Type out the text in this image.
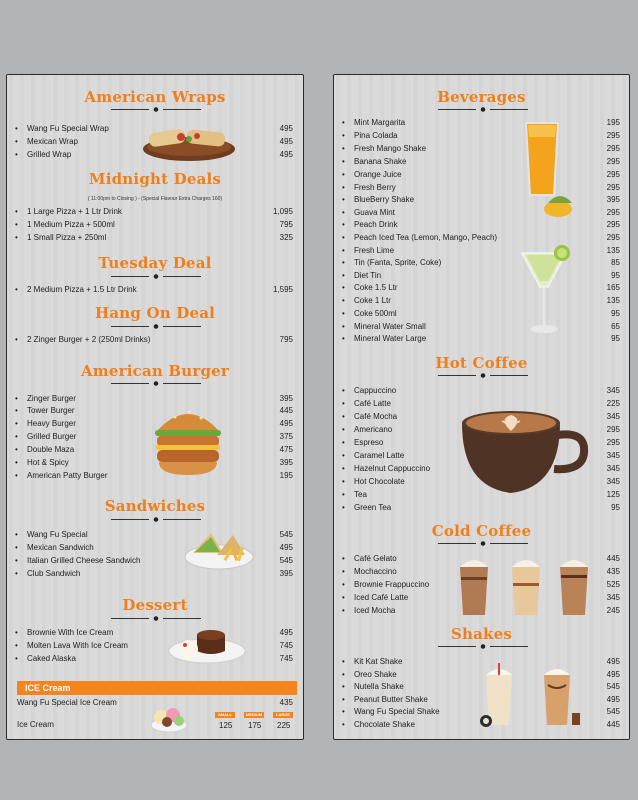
American Wraps
• Wang Fu Special Wrap	495
• Mexican Wrap	495
• Grilled Wrap	495
Midnight Deals
( 11:00pm to Closing ) - (Special Flavour Extra Charges 160)
• 1 Large Pizza + 1 Ltr Drink	1,095
• 1 Medium Pizza + 500ml	795
• 1 Small Pizza + 250ml	325
Tuesday Deal
• 2 Medium Pizza + 1.5 Ltr Drink	1,595
Hang On Deal
• 2 Zinger Burger + 2 (250ml Drinks)	795
American Burger
• Zinger Burger	395
• Tower Burger	445
• Heavy Burger	495
• Grilled Burger	375
• Double Maza	475
• Hot & Spicy	395
• American Patty Burger	195
Sandwiches
• Wang Fu Special	545
• Mexican Sandwich	495
• Italian Grilled Cheese Sandwich	545
• Club Sandwich	395
Dessert
• Brownie With Ice Cream	495
• Molten Lava With Ice Cream	745
• Caked Alaska	745
ICE Cream
Wang Fu Special Ice Cream	435
SMALL	MEDIUM	LARGE
Ice Cream	125 175 225
Beverages
• Mint Margarita	195
• Pina Colada	295
• Fresh Mango Shake	295
• Banana Shake	295
• Orange Juice	295
• Fresh Berry	295
• BlueBerry Shake	395
• Guava Mint	295
• Peach Drink	295
• Peach Iced Tea (Lemon, Mango, Peach)	295
• Fresh Lime	135
• Tin (Fanta, Sprite, Coke)	85
• Diet Tin	95
• Coke 1.5 Ltr	165
• Coke 1 Ltr	135
• Coke 500ml	95
• Mineral Water Small	65
• Mineral Water Large	95
Hot Coffee
• Cappuccino	345
• Café Latte	225
• Café Mocha	345
• Americano	295
• Espreso	295
• Caramel Latte	345
• Hazelnut Cappuccino	345
• Hot Chocolate	345
• Tea	125
• Green Tea	95
Cold Coffee
• Café Gelato	445
• Mochaccino	435
• Brownie Frappuccino	525
• Iced Café Latte	345
• Iced Mocha	245
Shakes
• Kit Kat Shake	495
• Oreo Shake	495
• Nutella Shake	545
• Peanut Butter Shake	495
• Wang Fu Special Shake	545
• Chocolate Shake	445
